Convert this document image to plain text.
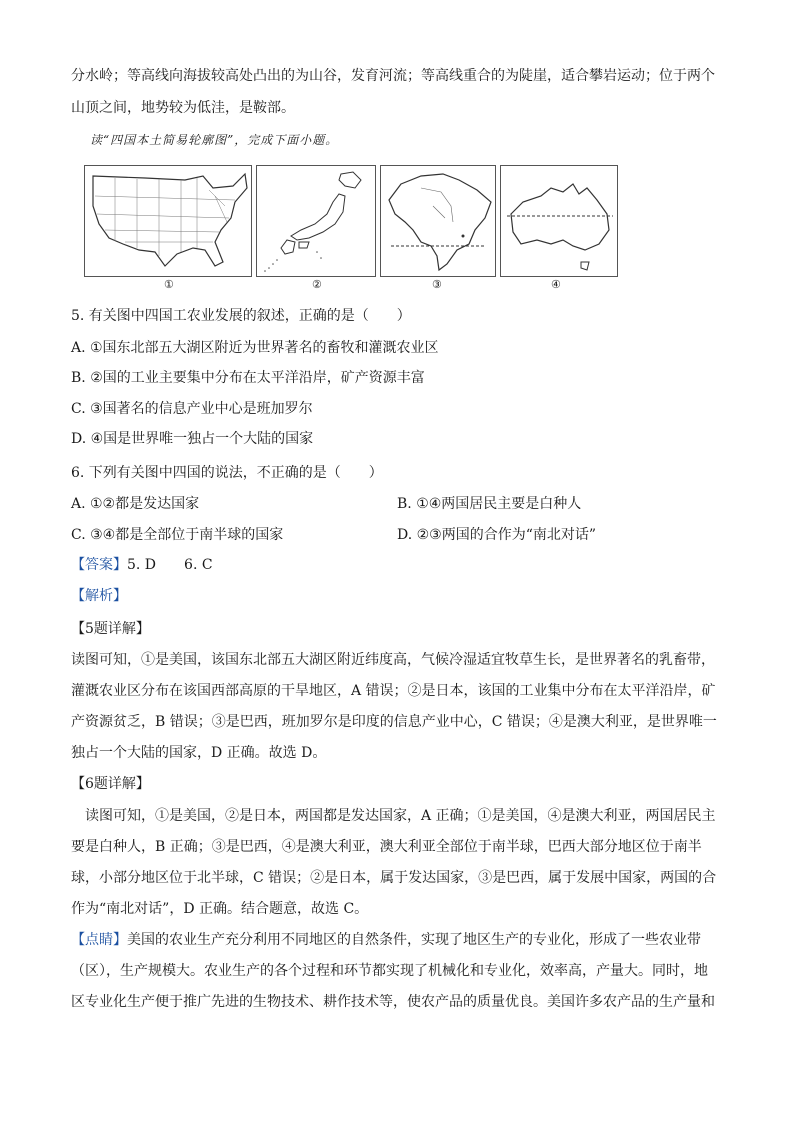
分水岭；等高线向海拔较高处凸出的为山谷，发育河流；等高线重合的为陡崖，适合攀岩运动；位于两个
山顶之间，地势较为低洼，是鞍部。
读“四国本土简易轮廓图”，完成下面小题。
①	②	③	④
5. 有关图中四国工农业发展的叙述，正确的是（　　）
A. ①国东北部五大湖区附近为世界著名的畜牧和灌溉农业区
B. ②国的工业主要集中分布在太平洋沿岸，矿产资源丰富
C. ③国著名的信息产业中心是班加罗尔
D. ④国是世界唯一独占一个大陆的国家
6. 下列有关图中四国的说法，不正确的是（　　）
A. ①②都是发达国家	B. ①④两国居民主要是白种人
C. ③④都是全部位于南半球的国家	D. ②③两国的合作为“南北对话”
【答案】5. D　　6. C
【解析】
【5题详解】
读图可知，①是美国，该国东北部五大湖区附近纬度高，气候冷湿适宜牧草生长，是世界著名的乳畜带，
灌溉农业区分布在该国西部高原的干旱地区，A 错误；②是日本，该国的工业集中分布在太平洋沿岸，矿
产资源贫乏，B 错误；③是巴西，班加罗尔是印度的信息产业中心，C 错误；④是澳大利亚，是世界唯一
独占一个大陆的国家，D 正确。故选 D。
【6题详解】
　读图可知，①是美国，②是日本，两国都是发达国家，A 正确；①是美国，④是澳大利亚，两国居民主
要是白种人，B 正确；③是巴西，④是澳大利亚，澳大利亚全部位于南半球，巴西大部分地区位于南半
球，小部分地区位于北半球，C 错误；②是日本，属于发达国家，③是巴西，属于发展中国家，两国的合
作为“南北对话”，D 正确。结合题意，故选 C。
【点睛】美国的农业生产充分利用不同地区的自然条件，实现了地区生产的专业化，形成了一些农业带
（区），生产规模大。农业生产的各个过程和环节都实现了机械化和专业化，效率高，产量大。同时，地
区专业化生产便于推广先进的生物技术、耕作技术等，使农产品的质量优良。美国许多农产品的生产量和
